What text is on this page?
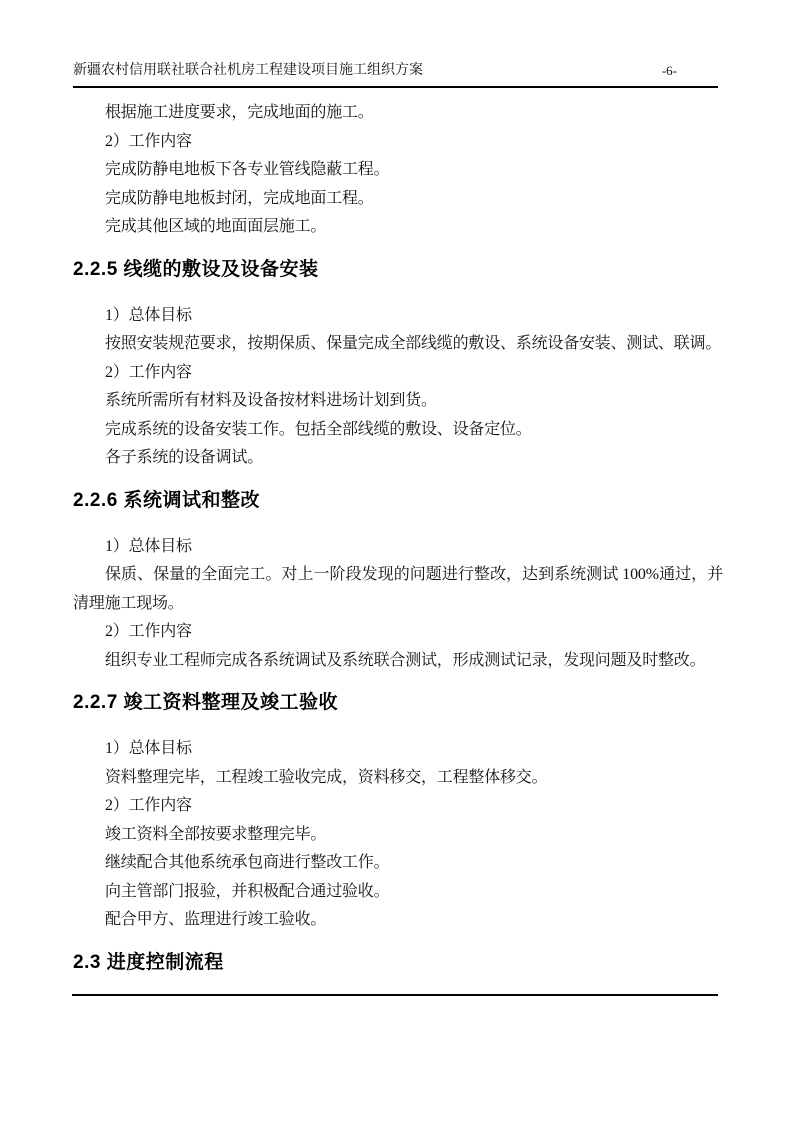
新疆农村信用联社联合社机房工程建设项目施工组织方案	-6-

根据施工进度要求，完成地面的施工。

2）工作内容

完成防静电地板下各专业管线隐蔽工程。

完成防静电地板封闭，完成地面工程。

完成其他区域的地面面层施工。

2.2.5 线缆的敷设及设备安装

1）总体目标

按照安装规范要求，按期保质、保量完成全部线缆的敷设、系统设备安装、测试、联调。

2）工作内容

系统所需所有材料及设备按材料进场计划到货。

完成系统的设备安装工作。包括全部线缆的敷设、设备定位。

各子系统的设备调试。

2.2.6 系统调试和整改

1）总体目标

保质、保量的全面完工。对上一阶段发现的问题进行整改，达到系统测试 100%通过，并清理施工现场。

2）工作内容

组织专业工程师完成各系统调试及系统联合测试，形成测试记录，发现问题及时整改。

2.2.7 竣工资料整理及竣工验收

1）总体目标

资料整理完毕，工程竣工验收完成，资料移交，工程整体移交。

2）工作内容

竣工资料全部按要求整理完毕。

继续配合其他系统承包商进行整改工作。

向主管部门报验，并积极配合通过验收。

配合甲方、监理进行竣工验收。

2.3 进度控制流程
